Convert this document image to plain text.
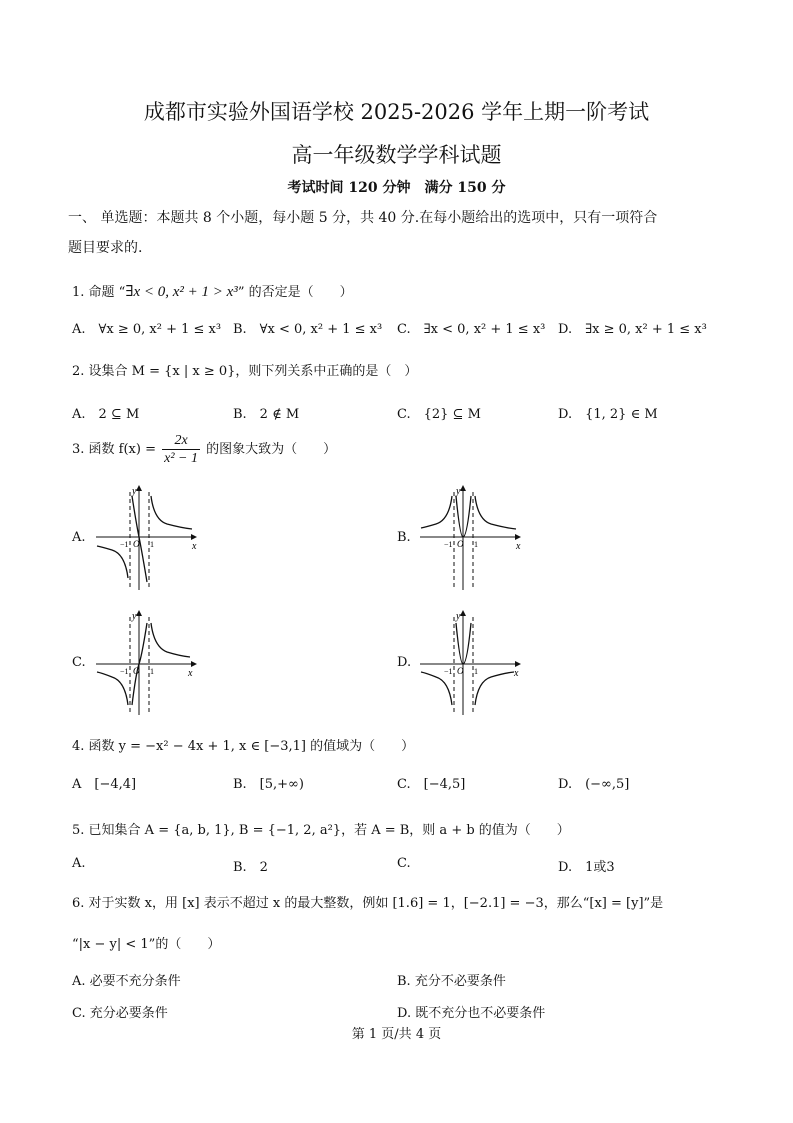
成都市实验外国语学校 2025-2026 学年上期一阶考试
高一年级数学学科试题
考试时间 120 分钟　满分 150 分
一、 单选题：本题共 8 个小题，每小题 5 分，共 40 分.在每小题给出的选项中，只有一项符合
题目要求的.
1. 命题 “∃x < 0, x² + 1 > x³” 的否定是（　　）
A.　∀x ≥ 0, x² + 1 ≤ x³ B.　∀x < 0, x² + 1 ≤ x³ C.　∃x < 0, x² + 1 ≤ x³ D.　∃x ≥ 0, x² + 1 ≤ x³
2. 设集合 M = {x | x ≥ 0}，则下列关系中正确的是（　）
A.　2 ⊆ M	B.　2 ∉ M	C.　{2} ⊆ M	D.　{1, 2} ∈ M
3. 函数 $f(x) = \frac{2x}{\text{x² − 1}}$ 的图象大致为（　　）
A.	B.
C.	D.
y
x
O
−1	1
y
x
O
−1	1
y
x
O
−1	1
y
x
O
−1	1
4. 函数 y = −x² − 4x + 1, x ∈ [−3,1] 的值域为（　　）
A　[−4,4]	B.　[5,+∞)	C.　[−4,5]	D.　(−∞,5]
5. 已知集合 A = {a, b, 1}, B = {−1, 2, a²}，若 A = B，则 a + b 的值为（　　）
A.	B.　2	C.	D.　1或3
6. 对于实数 x，用 [x] 表示不超过 x 的最大整数，例如 [1.6] = 1，[−2.1] = −3，那么“[x] = [y]”是
“|x − y| < 1”的（　　）
A. 必要不充分条件	B. 充分不必要条件
C. 充分必要条件	D. 既不充分也不必要条件
第 1 页/共 4 页
